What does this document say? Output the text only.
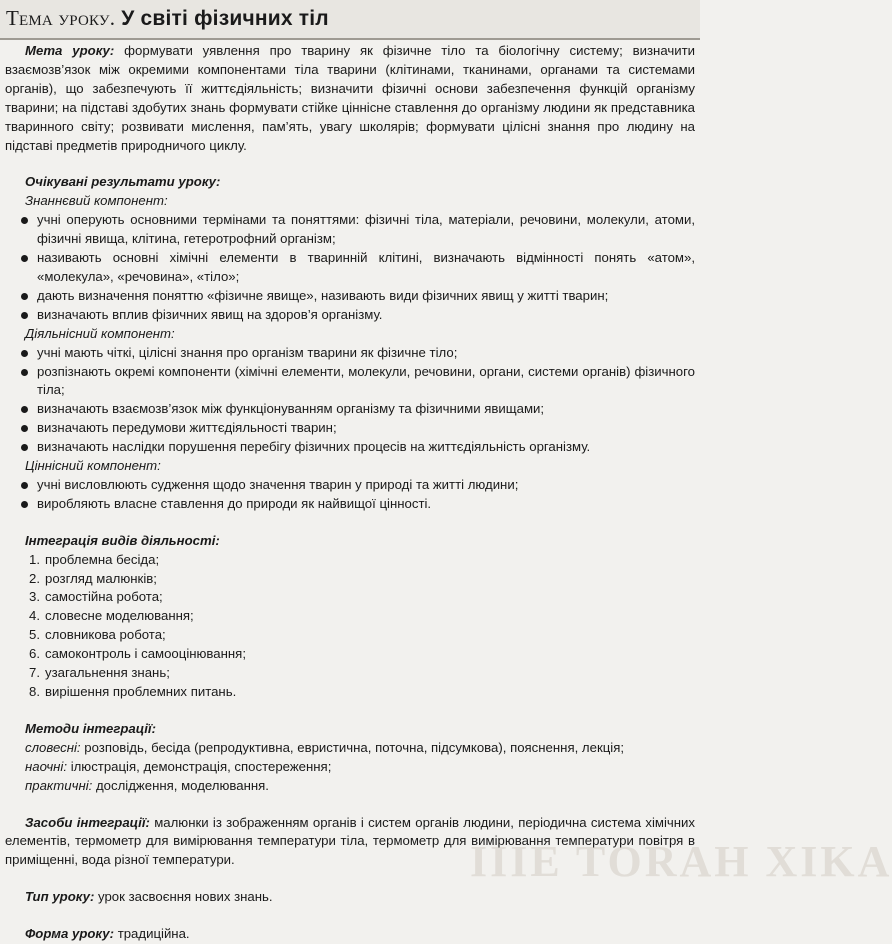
Тема уроку. У світі фізичних тіл
IIIE TORAH XIKA
Мета уроку: формувати уявлення про тварину як фізичне тіло та біологічну систему; визначити взаємозв’язок між окремими компонентами тіла тварини (клітинами, тканинами, органами та системами органів), що забезпечують її життєдіяльність; визначити фізичні основи забезпечення функцій організму тварини; на підставі здобутих знань формувати стійке ціннісне ставлення до організму людини як представника тваринного світу; розвивати мислення, пам’ять, увагу школярів; формувати цілісні знання про людину на підставі предметів природничого циклу.
Очікувані результати уроку:
Знаннєвий компонент:
учні оперують основними термінами та поняттями: фізичні тіла, матеріали, речовини, молекули, атоми, фізичні явища, клітина, гетеротрофний організм;
називають основні хімічні елементи в тваринній клітині, визначають відмінності понять «атом», «молекула», «речовина», «тіло»;
дають визначення поняттю «фізичне явище», називають види фізичних явищ у житті тварин;
визначають вплив фізичних явищ на здоров’я організму.
Діяльнісний компонент:
учні мають чіткі, цілісні знання про організм тварини як фізичне тіло;
розпізнають окремі компоненти (хімічні елементи, молекули, речовини, органи, системи органів) фізичного тіла;
визначають взаємозв’язок між функціонуванням організму та фізичними явищами;
визначають передумови життєдіяльності тварин;
визначають наслідки порушення перебігу фізичних процесів на життєдіяльність організму.
Ціннісний компонент:
учні висловлюють судження щодо значення тварин у природі та житті людини;
виробляють власне ставлення до природи як найвищої цінності.
Інтеграція видів діяльності:
1. проблемна бесіда;
2. розгляд малюнків;
3. самостійна робота;
4. словесне моделювання;
5. словникова робота;
6. самоконтроль і самооцінювання;
7. узагальнення знань;
8. вирішення проблемних питань.
Методи інтеграції:
словесні: розповідь, бесіда (репродуктивна, евристична, поточна, підсумкова), пояснення, лекція;
наочні: ілюстрація, демонстрація, спостереження;
практичні: дослідження, моделювання.
Засоби інтеграції: малюнки із зображенням органів і систем органів людини, періодична система хімічних елементів, термометр для вимірювання температури тіла, термометр для вимірювання температури повітря в приміщенні, вода різної температури.
Тип уроку: урок засвоєння нових знань.
Форма уроку: традиційна.
